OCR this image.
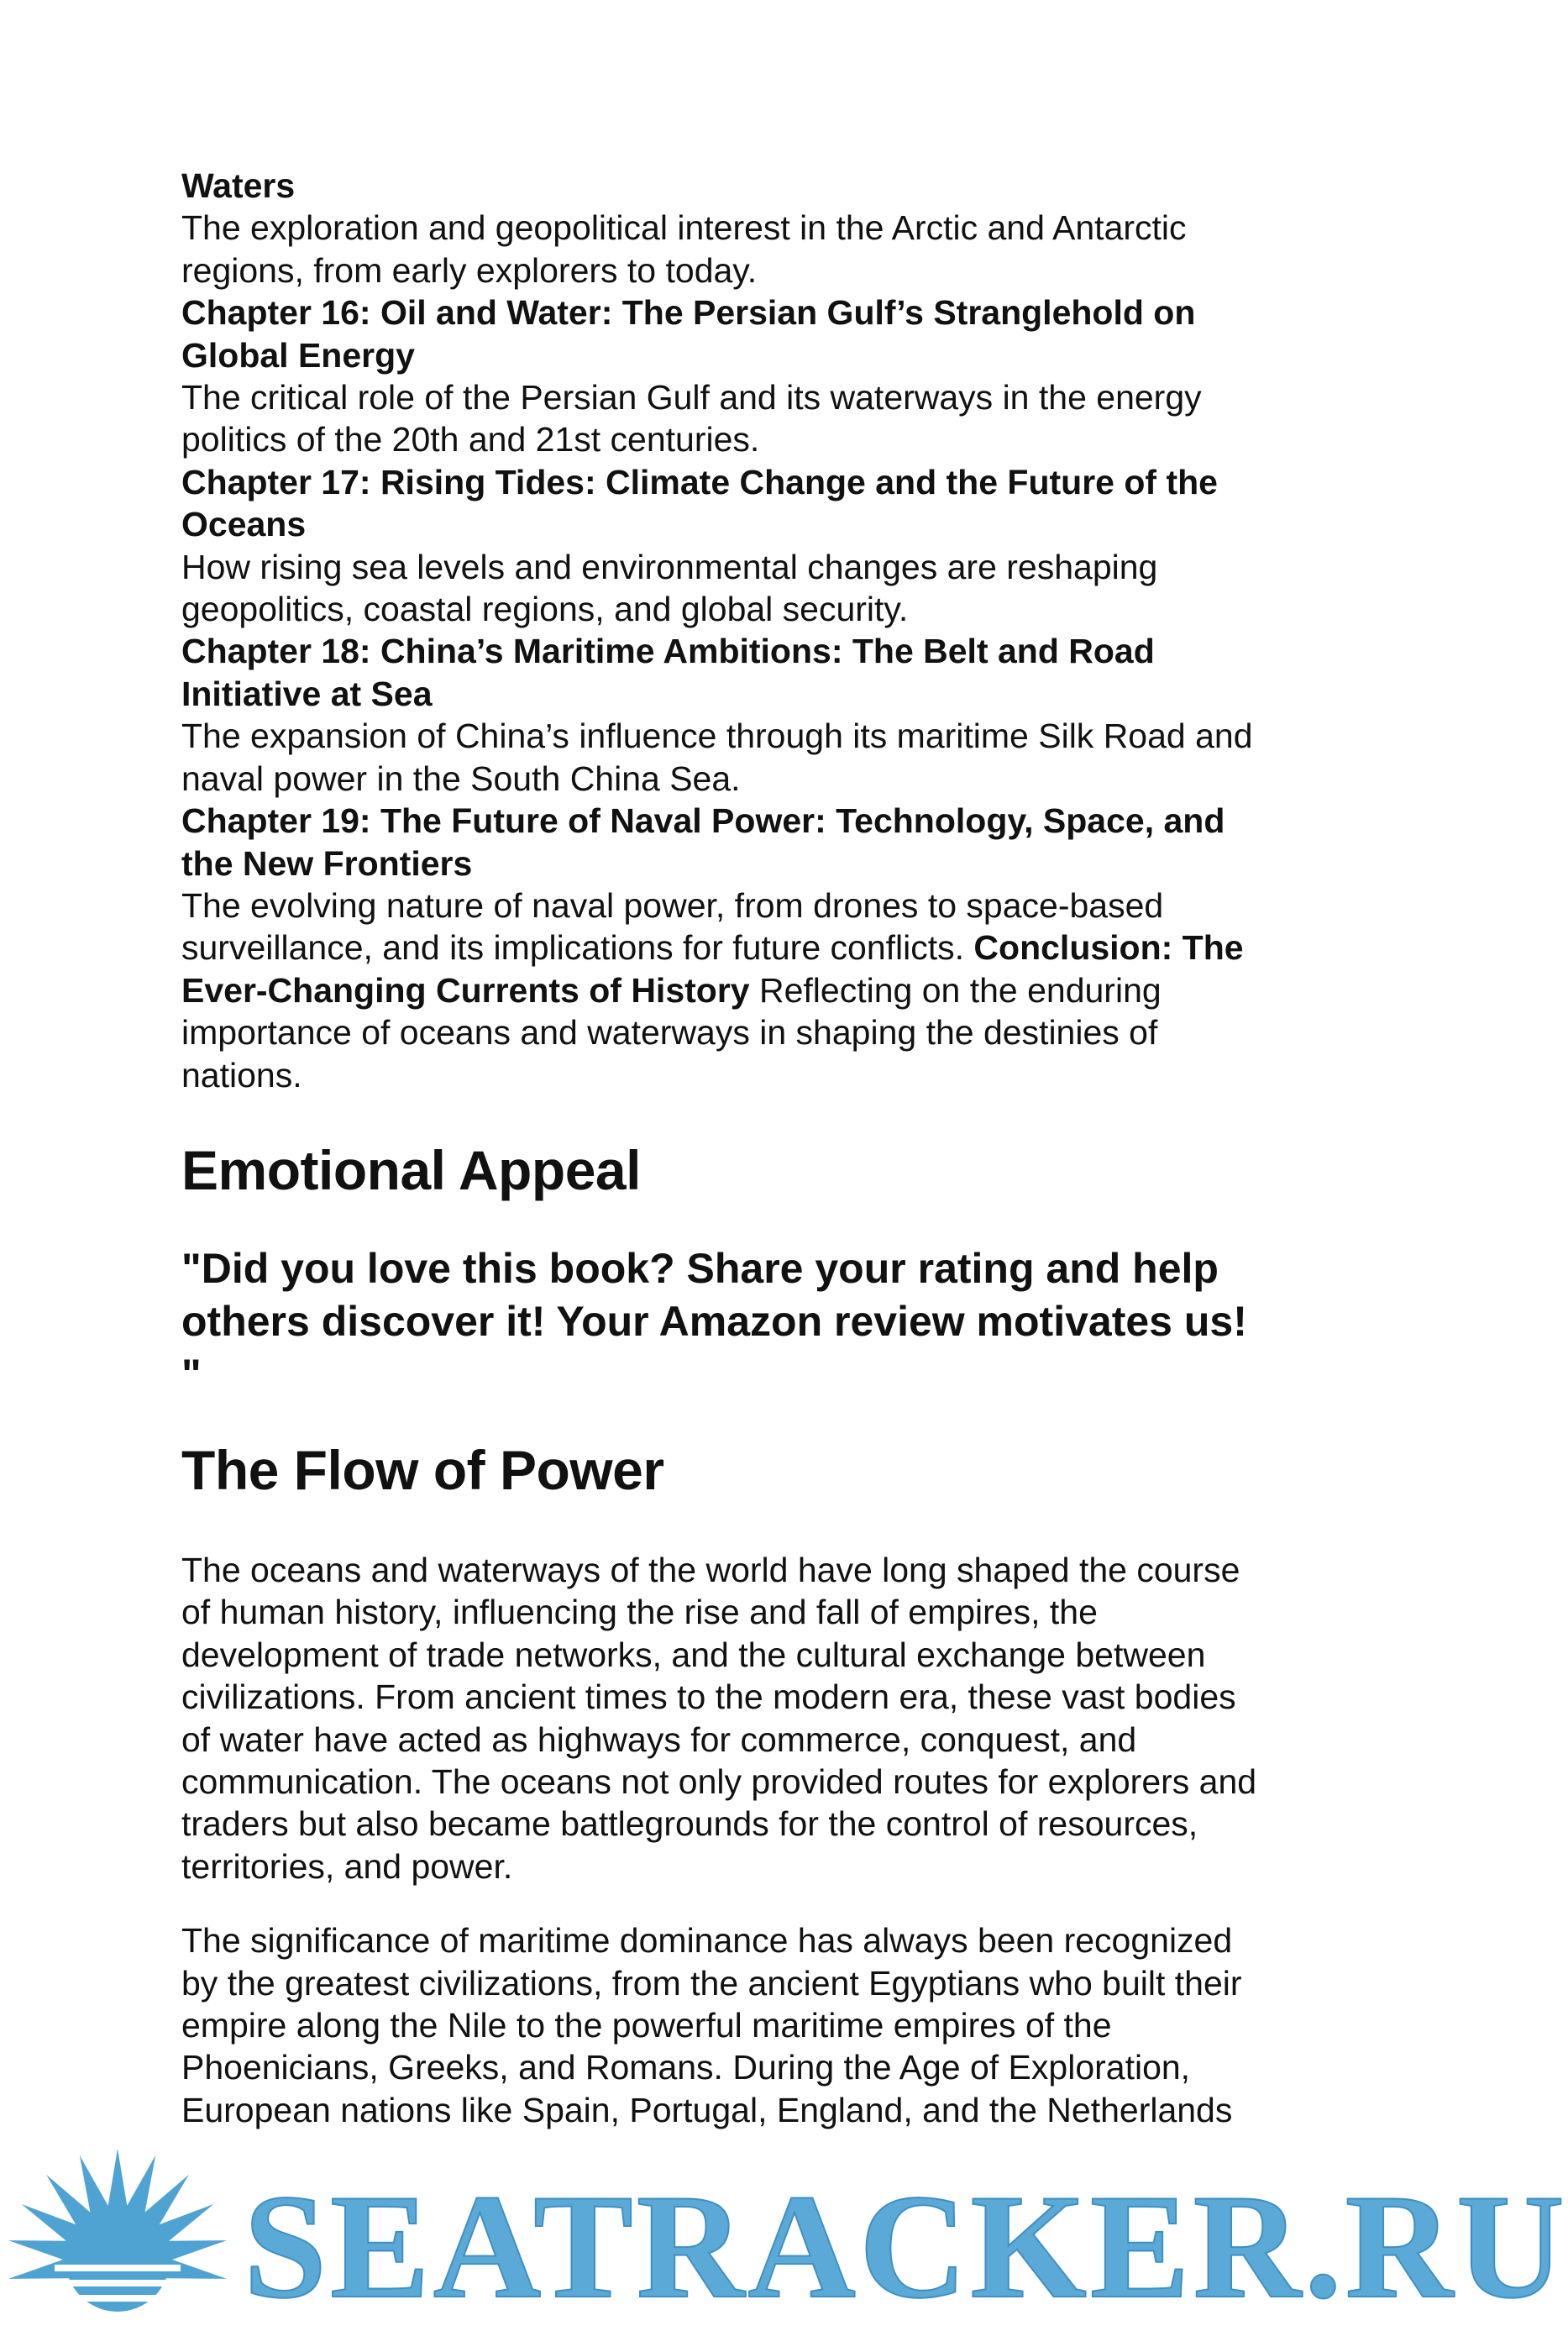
Waters

The exploration and geopolitical interest in the Arctic and Antarctic regions, from early explorers to today.

Chapter 16: Oil and Water: The Persian Gulf’s Stranglehold on Global Energy

The critical role of the Persian Gulf and its waterways in the energy politics of the 20th and 21st centuries.

Chapter 17: Rising Tides: Climate Change and the Future of the Oceans

How rising sea levels and environmental changes are reshaping geopolitics, coastal regions, and global security.

Chapter 18: China’s Maritime Ambitions: The Belt and Road Initiative at Sea

The expansion of China’s influence through its maritime Silk Road and naval power in the South China Sea.

Chapter 19: The Future of Naval Power: Technology, Space, and the New Frontiers

The evolving nature of naval power, from drones to space-based surveillance, and its implications for future conflicts. Conclusion: The Ever-Changing Currents of History Reflecting on the enduring importance of oceans and waterways in shaping the destinies of nations.

Emotional Appeal

"Did you love this book? Share your rating and help others discover it! Your Amazon review motivates us! "

The Flow of Power

The oceans and waterways of the world have long shaped the course of human history, influencing the rise and fall of empires, the development of trade networks, and the cultural exchange between civilizations. From ancient times to the modern era, these vast bodies of water have acted as highways for commerce, conquest, and communication. The oceans not only provided routes for explorers and traders but also became battlegrounds for the control of resources, territories, and power.

The significance of maritime dominance has always been recognized by the greatest civilizations, from the ancient Egyptians who built their empire along the Nile to the powerful maritime empires of the Phoenicians, Greeks, and Romans. During the Age of Exploration, European nations like Spain, Portugal, England, and the Netherlands

SEATRACKER.RU
